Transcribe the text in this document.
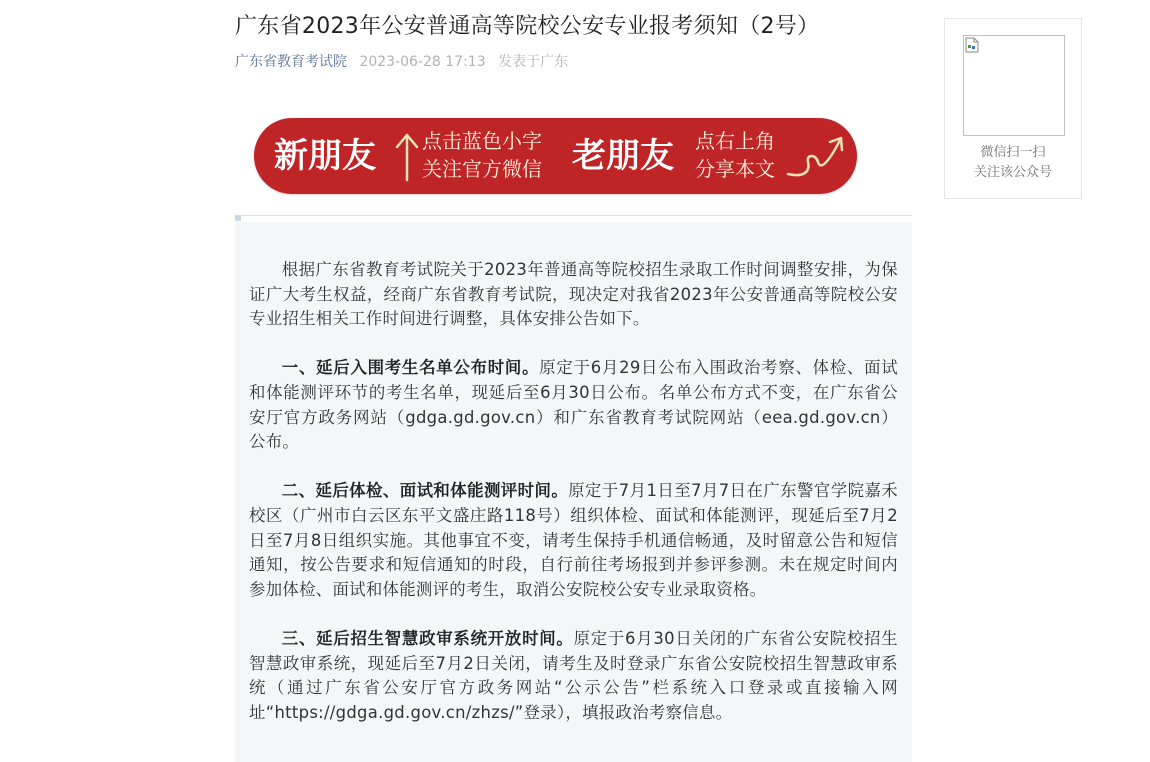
广东省2023年公安普通高等院校公安专业报考须知（2号）
广东省教育考试院 2023-06-28 17:13 发表于广东
新朋友 点击蓝色小字
关注官方微信 老朋友 点右上角
分享本文

根据广东省教育考试院关于2023年普通高等院校招生录取工作时间调整安排，为保证广大考生权益，经商广东省教育考试院，现决定对我省2023年公安普通高等院校公安专业招生相关工作时间进行调整，具体安排公告如下。

一、延后入围考生名单公布时间。原定于6月29日公布入围政治考察、体检、面试和体能测评环节的考生名单，现延后至6月30日公布。名单公布方式不变，在广东省公安厅官方政务网站（gdga.gd.gov.cn）和广东省教育考试院网站（eea.gd.gov.cn）公布。

二、延后体检、面试和体能测评时间。原定于7月1日至7月7日在广东警官学院嘉禾校区（广州市白云区东平文盛庄路118号）组织体检、面试和体能测评，现延后至7月2日至7月8日组织实施。其他事宜不变，请考生保持手机通信畅通，及时留意公告和短信通知，按公告要求和短信通知的时段，自行前往考场报到并参评参测。未在规定时间内参加体检、面试和体能测评的考生，取消公安院校公安专业录取资格。

三、延后招生智慧政审系统开放时间。原定于6月30日关闭的广东省公安院校招生智慧政审系统，现延后至7月2日关闭，请考生及时登录广东省公安院校招生智慧政审系统（通过广东省公安厅官方政务网站“公示公告”栏系统入口登录或直接输入网址“https://gdga.gd.gov.cn/zhzs/”登录），填报政治考察信息。

微信扫一扫
关注该公众号
